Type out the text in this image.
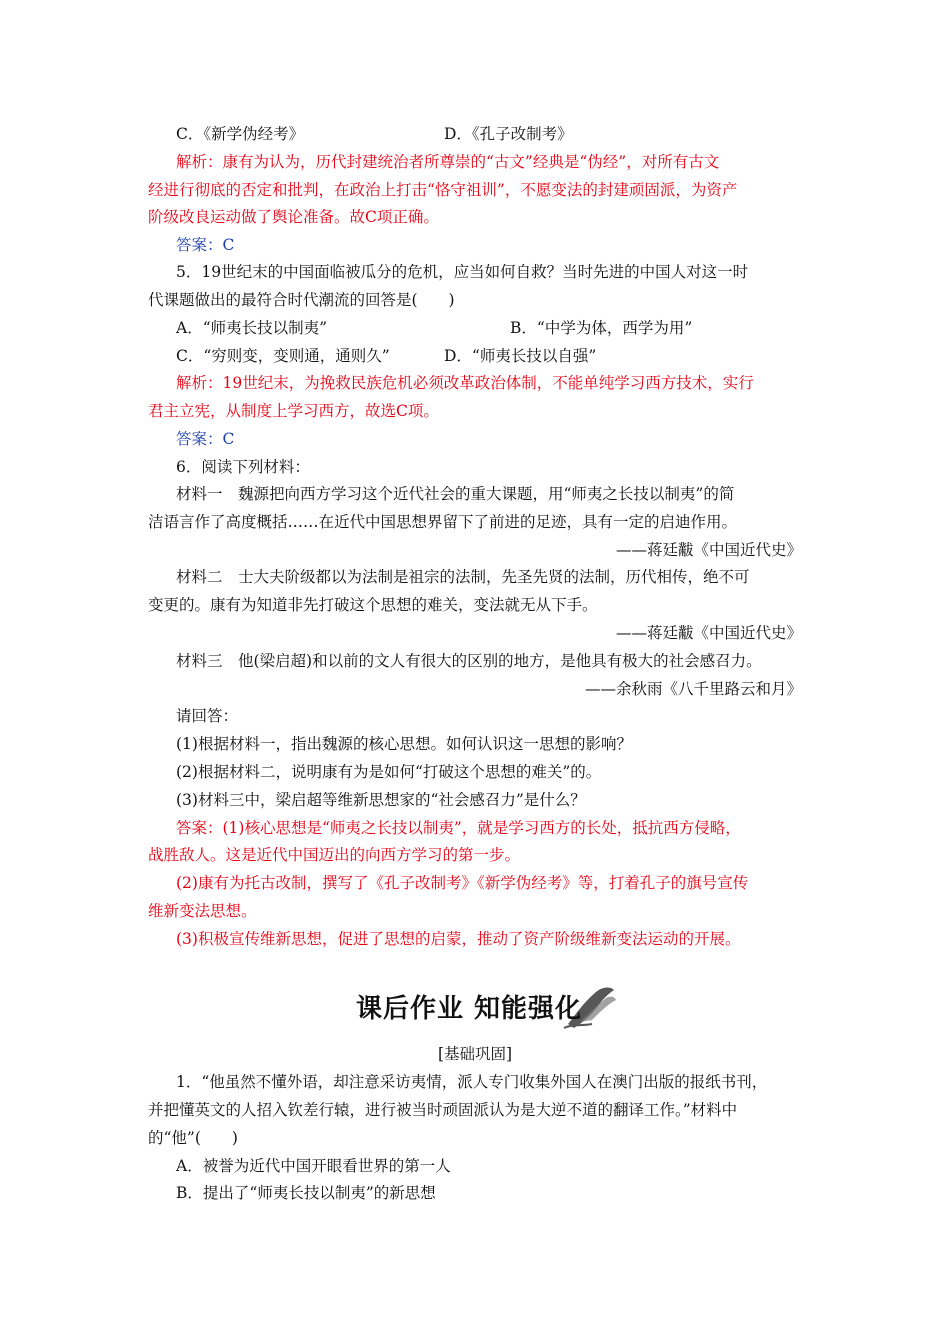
C．《新学伪经考》	D．《孔子改制考》
解析：康有为认为，历代封建统治者所尊崇的“古文”经典是“伪经”，对所有古文
经进行彻底的否定和批判，在政治上打击“恪守祖训”，不愿变法的封建顽固派，为资产
阶级改良运动做了舆论准备。故C项正确。
答案：C
5．19世纪末的中国面临被瓜分的危机，应当如何自救？当时先进的中国人对这一时
代课题做出的最符合时代潮流的回答是(　　)
A．“师夷长技以制夷”	B．“中学为体，西学为用”
C．“穷则变，变则通，通则久”	D．“师夷长技以自强”
解析：19世纪末，为挽救民族危机必须改革政治体制，不能单纯学习西方技术，实行
君主立宪，从制度上学习西方，故选C项。
答案：C
6．阅读下列材料：
材料一　魏源把向西方学习这个近代社会的重大课题，用“师夷之长技以制夷”的简
洁语言作了高度概括……在近代中国思想界留下了前进的足迹，具有一定的启迪作用。
——蒋廷黻《中国近代史》
材料二　士大夫阶级都以为法制是祖宗的法制，先圣先贤的法制，历代相传，绝不可
变更的。康有为知道非先打破这个思想的难关，变法就无从下手。
——蒋廷黻《中国近代史》
材料三　他(梁启超)和以前的文人有很大的区别的地方，是他具有极大的社会感召力。
——余秋雨《八千里路云和月》
请回答：
(1)根据材料一，指出魏源的核心思想。如何认识这一思想的影响？
(2)根据材料二，说明康有为是如何“打破这个思想的难关”的。
(3)材料三中，梁启超等维新思想家的“社会感召力”是什么？
答案：(1)核心思想是“师夷之长技以制夷”，就是学习西方的长处，抵抗西方侵略，
战胜敌人。这是近代中国迈出的向西方学习的第一步。
(2)康有为托古改制，撰写了《孔子改制考》《新学伪经考》等，打着孔子的旗号宣传
维新变法思想。
(3)积极宣传维新思想，促进了思想的启蒙，推动了资产阶级维新变法运动的开展。
课后作业 知能强化
[基础巩固]
1．“他虽然不懂外语，却注意采访夷情，派人专门收集外国人在澳门出版的报纸书刊，
并把懂英文的人招入钦差行辕，进行被当时顽固派认为是大逆不道的翻译工作。”材料中
的“他”(　　)
A．被誉为近代中国开眼看世界的第一人
B．提出了“师夷长技以制夷”的新思想
